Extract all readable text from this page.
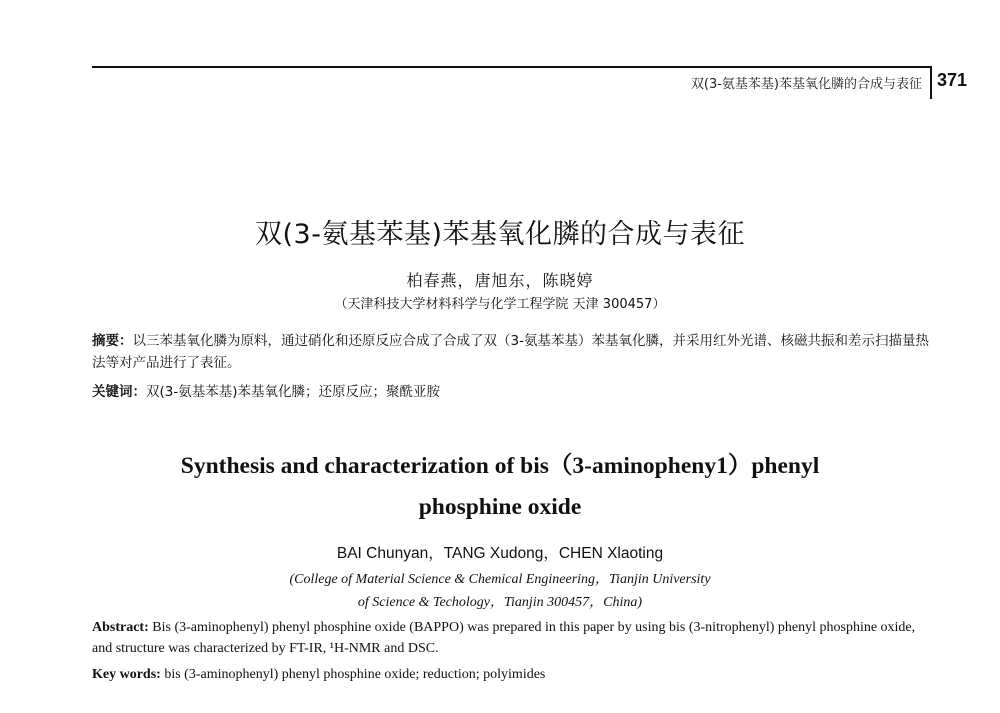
双(3-氨基苯基)苯基氧化膦的合成与表征 371
双(3-氨基苯基)苯基氧化膦的合成与表征
柏春燕，唐旭东，陈晓婷
（天津科技大学材料科学与化学工程学院 天津 300457）
摘要：以三苯基氧化膦为原料，通过硝化和还原反应合成了合成了双（3-氨基苯基）苯基氧化膦，并采用红外光谱、核磁共振和差示扫描量热法等对产品进行了表征。
关键词：双(3-氨基苯基)苯基氧化膦；还原反应；聚酰亚胺
Synthesis and characterization of bis（3-aminopheny1）phenyl
phosphine oxide
BAI Chunyan，TANG Xudong，CHEN Xlaoting
(College of Material Science & Chemical Engineering，Tianjin University
of Science & Techology，Tianjin 300457，China)
Abstract: Bis (3-aminophenyl) phenyl phosphine oxide (BAPPO) was prepared in this paper by using bis (3-nitrophenyl) phenyl phosphine oxide, and structure was characterized by FT-IR, ¹H-NMR and DSC.
Key words: bis (3-aminophenyl) phenyl phosphine oxide; reduction; polyimides
